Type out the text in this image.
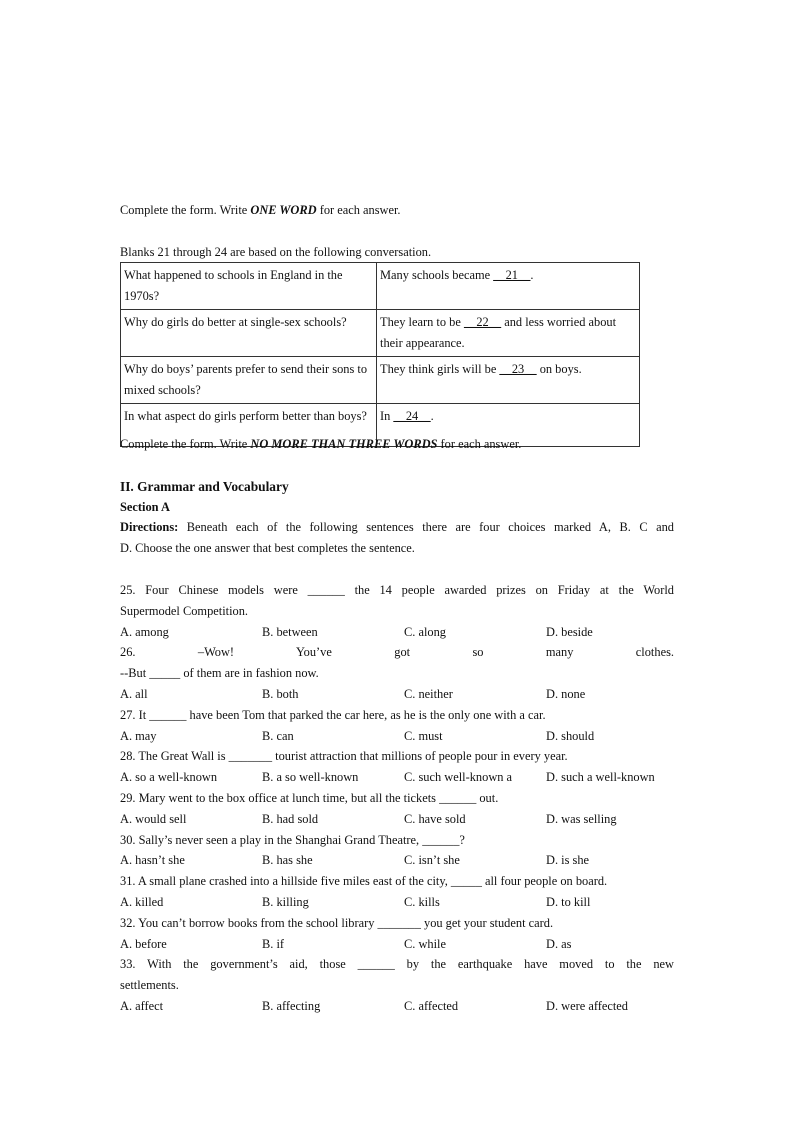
Complete the form. Write ONE WORD for each answer.
Blanks 21 through 24 are based on the following conversation.
What happened to schools in England in the 1970s?	Many schools became __21__.
Why do girls do better at single-sex schools?	They learn to be __22__ and less worried about their appearance.
Why do boys’ parents prefer to send their sons to mixed schools?	They think girls will be __23__ on boys.
In what aspect do girls perform better than boys?	In __24__.
Complete the form. Write NO MORE THAN THREE WORDS for each answer.
II. Grammar and Vocabulary
Section A
Directions: Beneath each of the following sentences there are four choices marked A, B. C and
D. Choose the one answer that best completes the sentence.
25. Four Chinese models were ______ the 14 people awarded prizes on Friday at the World
Supermodel Competition.
A. among	B. between	C. along	D. beside
26. –Wow! You’ve got so many clothes.
--But _____ of them are in fashion now.
A. all	B. both	C. neither	D. none
27. It ______ have been Tom that parked the car here, as he is the only one with a car.
A. may	B. can	C. must	D. should
28. The Great Wall is _______ tourist attraction that millions of people pour in every year.
A. so a well-known	B. a so well-known	C. such well-known a	D. such a well-known
29. Mary went to the box office at lunch time, but all the tickets ______ out.
A. would sell	B. had sold	C. have sold	D. was selling
30. Sally’s never seen a play in the Shanghai Grand Theatre, ______?
A. hasn’t she	B. has she	C. isn’t she	D. is she
31. A small plane crashed into a hillside five miles east of the city, _____ all four people on board.
A. killed	B. killing	C. kills	D. to kill
32. You can’t borrow books from the school library _______ you get your student card.
A. before	B. if	C. while	D. as
33. With the government’s aid, those ______ by the earthquake have moved to the new
settlements.
A. affect	B. affecting	C. affected	D. were affected
